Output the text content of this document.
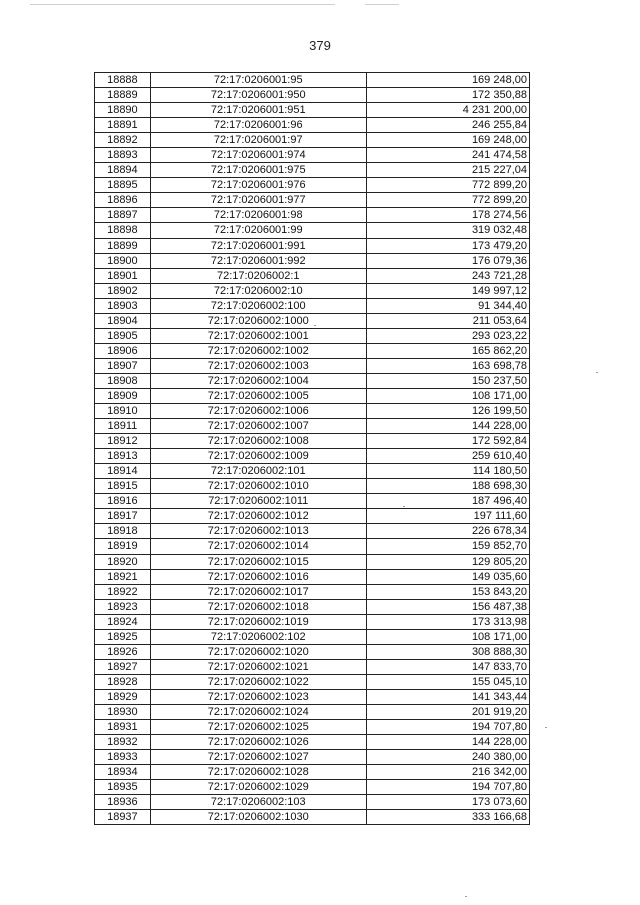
379
18888	72:17:0206001:95	169 248,00
18889	72:17:0206001:950	172 350,88
18890	72:17:0206001:951	4 231 200,00
18891	72:17:0206001:96	246 255,84
18892	72:17:0206001:97	169 248,00
18893	72:17:0206001:974	241 474,58
18894	72:17:0206001:975	215 227,04
18895	72:17:0206001:976	772 899,20
18896	72:17:0206001:977	772 899,20
18897	72:17:0206001:98	178 274,56
18898	72:17:0206001:99	319 032,48
18899	72:17:0206001:991	173 479,20
18900	72:17:0206001:992	176 079,36
18901	72:17:0206002:1	243 721,28
18902	72:17:0206002:10	149 997,12
18903	72:17:0206002:100	91 344,40
18904	72:17:0206002:1000	211 053,64
18905	72:17:0206002:1001	293 023,22
18906	72:17:0206002:1002	165 862,20
18907	72:17:0206002:1003	163 698,78
18908	72:17:0206002:1004	150 237,50
18909	72:17:0206002:1005	108 171,00
18910	72:17:0206002:1006	126 199,50
18911	72:17:0206002:1007	144 228,00
18912	72:17:0206002:1008	172 592,84
18913	72:17:0206002:1009	259 610,40
18914	72:17:0206002:101	114 180,50
18915	72:17:0206002:1010	188 698,30
18916	72:17:0206002:1011	187 496,40
18917	72:17:0206002:1012	197 111,60
18918	72:17:0206002:1013	226 678,34
18919	72:17:0206002:1014	159 852,70
18920	72:17:0206002:1015	129 805,20
18921	72:17:0206002:1016	149 035,60
18922	72:17:0206002:1017	153 843,20
18923	72:17:0206002:1018	156 487,38
18924	72:17:0206002:1019	173 313,98
18925	72:17:0206002:102	108 171,00
18926	72:17:0206002:1020	308 888,30
18927	72:17:0206002:1021	147 833,70
18928	72:17:0206002:1022	155 045,10
18929	72:17:0206002:1023	141 343,44
18930	72:17:0206002:1024	201 919,20
18931	72:17:0206002:1025	194 707,80
18932	72:17:0206002:1026	144 228,00
18933	72:17:0206002:1027	240 380,00
18934	72:17:0206002:1028	216 342,00
18935	72:17:0206002:1029	194 707,80
18936	72:17:0206002:103	173 073,60
18937	72:17:0206002:1030	333 166,68
